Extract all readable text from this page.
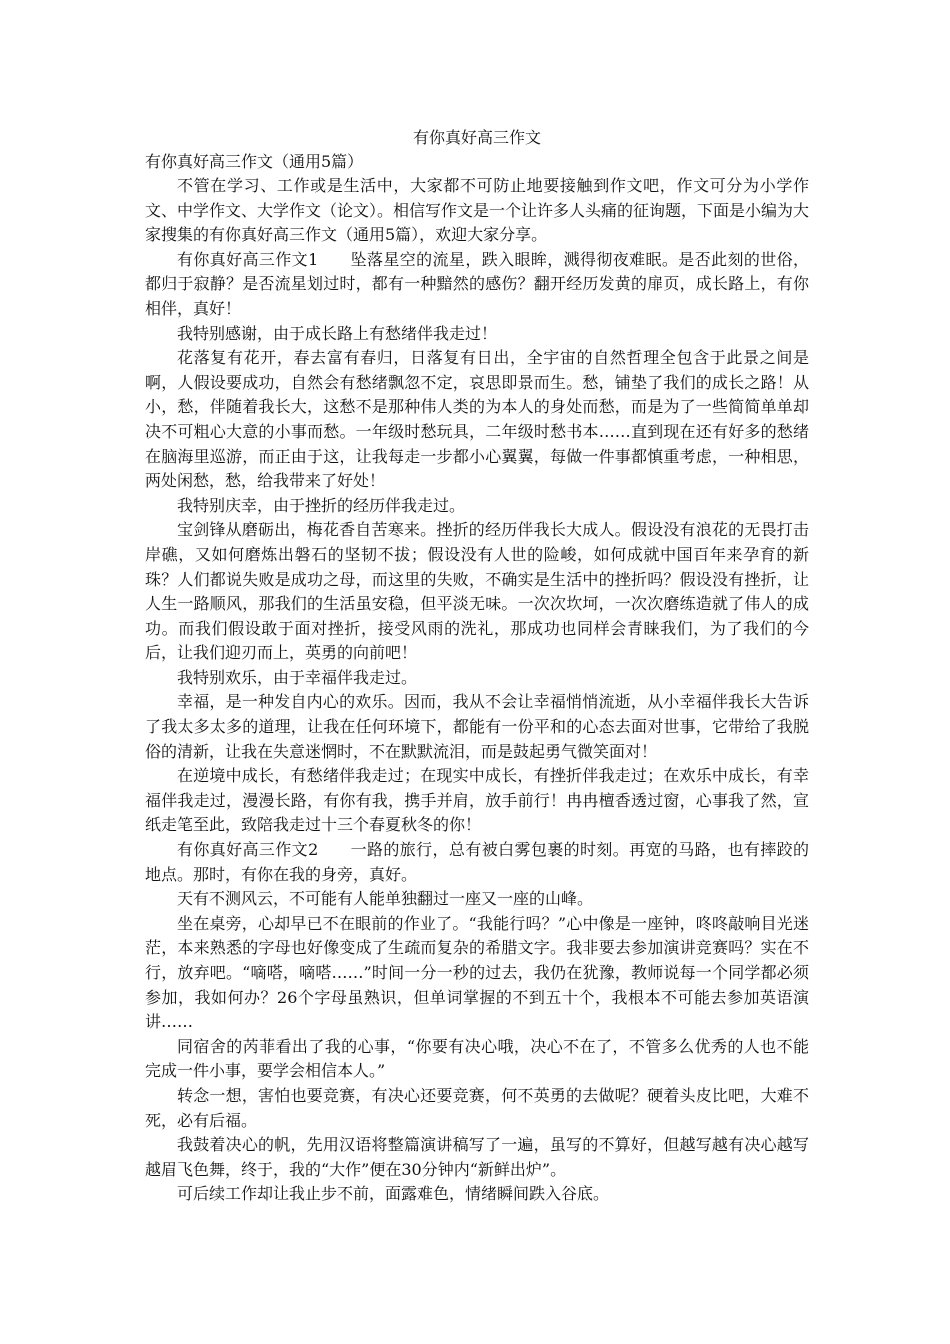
有你真好高三作文

有你真好高三作文（通用5篇）

不管在学习、工作或是生活中，大家都不可防止地要接触到作文吧，作文可分为小学作文、中学作文、大学作文（论文）。相信写作文是一个让许多人头痛的征询题，下面是小编为大家搜集的有你真好高三作文（通用5篇），欢迎大家分享。

有你真好高三作文1 坠落星空的流星，跌入眼眸，溅得彻夜难眠。是否此刻的世俗，都归于寂静？是否流星划过时，都有一种黯然的感伤？翻开经历发黄的扉页，成长路上，有你相伴，真好！

我特别感谢，由于成长路上有愁绪伴我走过！

花落复有花开，春去富有春归，日落复有日出，全宇宙的自然哲理全包含于此景之间是啊，人假设要成功，自然会有愁绪飘忽不定，哀思即景而生。愁，铺垫了我们的成长之路！从小，愁，伴随着我长大，这愁不是那种伟人类的为本人的身处而愁，而是为了一些简简单单却决不可粗心大意的小事而愁。一年级时愁玩具，二年级时愁书本……直到现在还有好多的愁绪在脑海里巡游，而正由于这，让我每走一步都小心翼翼，每做一件事都慎重考虑，一种相思，两处闲愁，愁，给我带来了好处！

我特别庆幸，由于挫折的经历伴我走过。

宝剑锋从磨砺出，梅花香自苦寒来。挫折的经历伴我长大成人。假设没有浪花的无畏打击岸礁，又如何磨炼出磐石的坚韧不拔；假设没有人世的险峻，如何成就中国百年来孕育的新珠？人们都说失败是成功之母，而这里的失败，不确实是生活中的挫折吗？假设没有挫折，让人生一路顺风，那我们的生活虽安稳，但平淡无味。一次次坎坷，一次次磨练造就了伟人的成功。而我们假设敢于面对挫折，接受风雨的洗礼，那成功也同样会青睐我们，为了我们的今后，让我们迎刃而上，英勇的向前吧！

我特别欢乐，由于幸福伴我走过。

幸福，是一种发自内心的欢乐。因而，我从不会让幸福悄悄流逝，从小幸福伴我长大告诉了我太多太多的道理，让我在任何环境下，都能有一份平和的心态去面对世事，它带给了我脱俗的清新，让我在失意迷惘时，不在默默流泪，而是鼓起勇气微笑面对！

在逆境中成长，有愁绪伴我走过；在现实中成长，有挫折伴我走过；在欢乐中成长，有幸福伴我走过，漫漫长路，有你有我，携手并肩，放手前行！冉冉檀香透过窗，心事我了然，宣纸走笔至此，致陪我走过十三个春夏秋冬的你！

有你真好高三作文2 一路的旅行，总有被白雾包裹的时刻。再宽的马路，也有摔跤的地点。那时，有你在我的身旁，真好。

天有不测风云，不可能有人能单独翻过一座又一座的山峰。

坐在桌旁，心却早已不在眼前的作业了。“我能行吗？”心中像是一座钟，咚咚敲响目光迷茫，本来熟悉的字母也好像变成了生疏而复杂的希腊文字。我非要去参加演讲竞赛吗？实在不行，放弃吧。“嘀嗒，嘀嗒……”时间一分一秒的过去，我仍在犹豫，教师说每一个同学都必须参加，我如何办？26个字母虽熟识，但单词掌握的不到五十个，我根本不可能去参加英语演讲……

同宿舍的芮菲看出了我的心事，“你要有决心哦，决心不在了，不管多么优秀的人也不能完成一件小事，要学会相信本人。”

转念一想，害怕也要竞赛，有决心还要竞赛，何不英勇的去做呢？硬着头皮比吧，大难不死，必有后福。

我鼓着决心的帆，先用汉语将整篇演讲稿写了一遍，虽写的不算好，但越写越有决心越写越眉飞色舞，终于，我的“大作”便在30分钟内“新鲜出炉”。

可后续工作却让我止步不前，面露难色，情绪瞬间跌入谷底。
